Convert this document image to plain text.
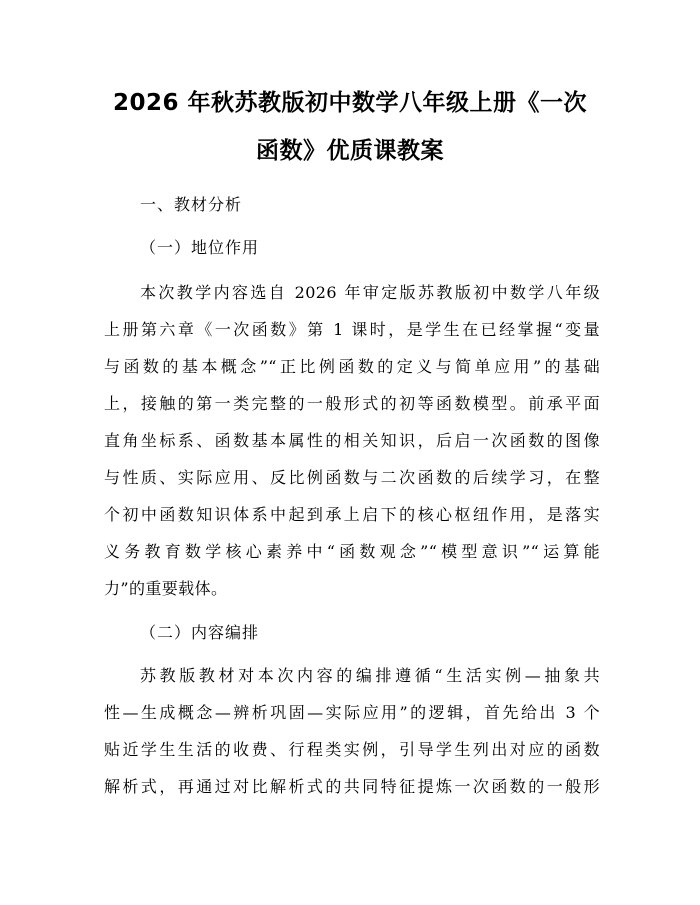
2026 年秋苏教版初中数学八年级上册《一次
函数》优质课教案
一、教材分析
（一）地位作用
本次教学内容选自 2026 年审定版苏教版初中数学八年级
上册第六章《一次函数》第 1 课时，是学生在已经掌握“变量
与函数的基本概念”“正比例函数的定义与简单应用”的基础
上，接触的第一类完整的一般形式的初等函数模型。前承平面
直角坐标系、函数基本属性的相关知识，后启一次函数的图像
与性质、实际应用、反比例函数与二次函数的后续学习，在整
个初中函数知识体系中起到承上启下的核心枢纽作用，是落实
义务教育数学核心素养中“函数观念”“模型意识”“运算能
力”的重要载体。
（二）内容编排
苏教版教材对本次内容的编排遵循“生活实例—抽象共
性—生成概念—辨析巩固—实际应用”的逻辑，首先给出 3 个
贴近学生生活的收费、行程类实例，引导学生列出对应的函数
解析式，再通过对比解析式的共同特征提炼一次函数的一般形
